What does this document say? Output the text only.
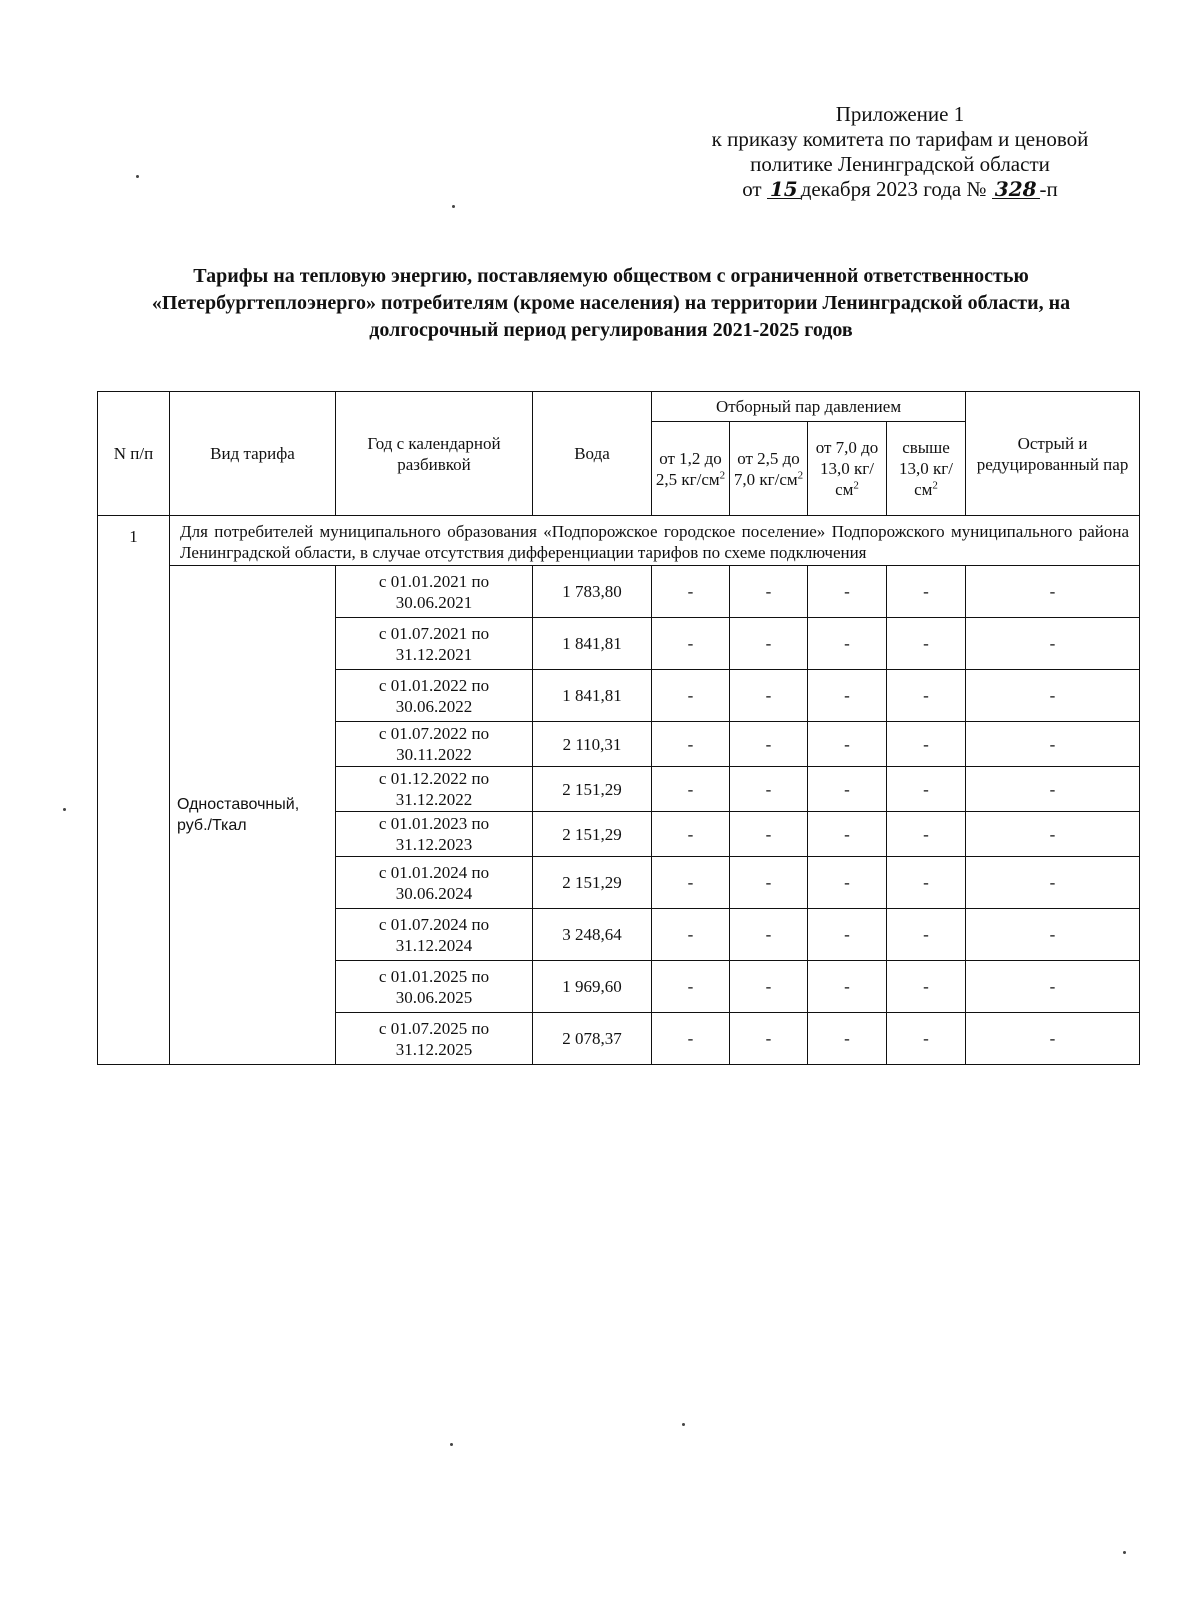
Приложение 1
к приказу комитета по тарифам и ценовой
политике Ленинградской области
от 15 декабря 2023 года № 328 -п
Тарифы на тепловую энергию, поставляемую обществом с ограниченной ответственностью «Петербургтеплоэнерго» потребителям (кроме населения) на территории Ленинградской области, на долгосрочный период регулирования 2021-2025 годов
N п/п	Вид тарифа	Год с календарной разбивкой	Вода	Отборный пар давлением				Острый и редуцированный пар
				от 1,2 до 2,5 $кг/см^2$	от 2,5 до 7,0 $кг/см^2$	от 7,0 до 13,0 $кг/см^2$	свыше 13,0 $кг/см^2$
1	Для потребителей муниципального образования «Подпорожское городское поселение» Подпорожского муниципального района Ленинградской области, в случае отсутствия дифференциации тарифов по схеме подключения							
	Одноставочный, руб./Ткал	с 01.01.2021 по 30.06.2021	1 783,80	-	-	-	-	-
		с 01.07.2021 по 31.12.2021	1 841,81	-	-	-	-	-
		с 01.01.2022 по 30.06.2022	1 841,81	-	-	-	-	-
		с 01.07.2022 по 30.11.2022	2 110,31	-	-	-	-	-
		с 01.12.2022 по 31.12.2022	2 151,29	-	-	-	-	-
		с 01.01.2023 по 31.12.2023	2 151,29	-	-	-	-	-
		с 01.01.2024 по 30.06.2024	2 151,29	-	-	-	-	-
		с 01.07.2024 по 31.12.2024	3 248,64	-	-	-	-	-
		с 01.01.2025 по 30.06.2025	1 969,60	-	-	-	-	-
		с 01.07.2025 по 31.12.2025	2 078,37	-	-	-	-	-
